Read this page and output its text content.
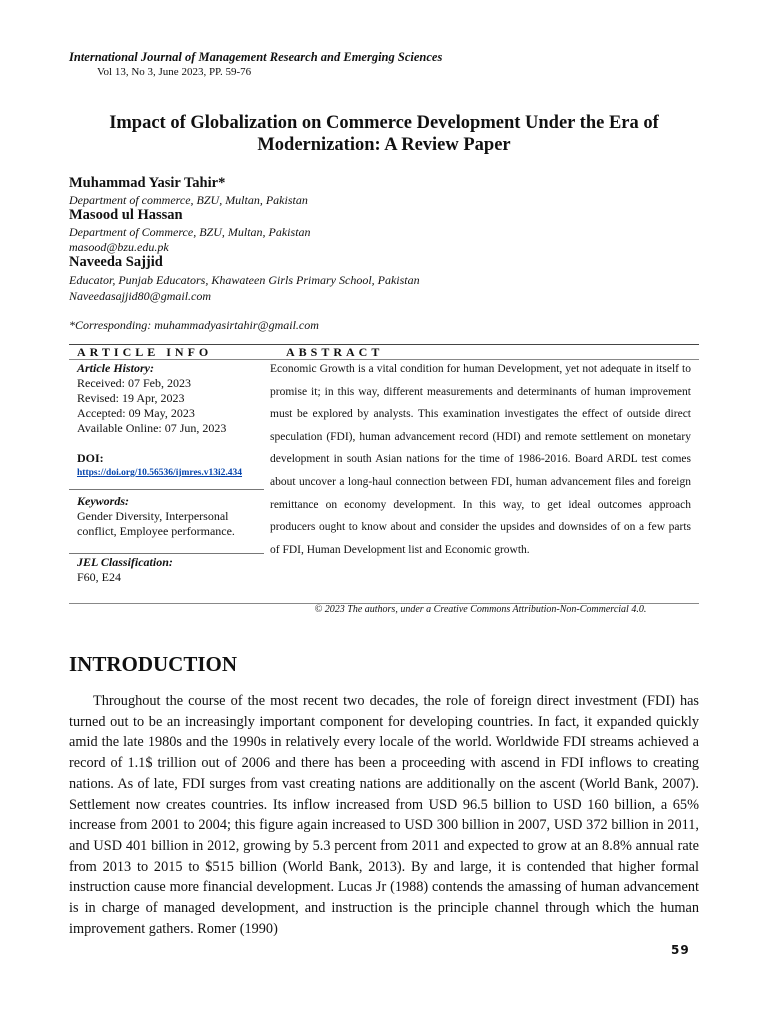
International Journal of Management Research and Emerging Sciences
Vol 13, No 3, June 2023, PP. 59-76
Impact of Globalization on Commerce Development Under the Era of
Modernization: A Review Paper
Muhammad Yasir Tahir*
Department of commerce, BZU, Multan, Pakistan
Masood ul Hassan
Department of Commerce, BZU, Multan, Pakistan
masood@bzu.edu.pk
Naveeda Sajjid
Educator, Punjab Educators, Khawateen Girls Primary School, Pakistan
Naveedasajjid80@gmail.com
*Corresponding: muhammadyasirtahir@gmail.com
ARTICLE INFO	ABSTRACT
Article History:
Received: 07 Feb, 2023
Revised: 19 Apr, 2023
Accepted: 09 May, 2023
Available Online: 07 Jun, 2023
DOI:
https://doi.org/10.56536/ijmres.v13i2.434
Keywords:
Gender Diversity, Interpersonal conflict, Employee performance.
JEL Classification:
F60, E24
Economic Growth is a vital condition for human Development, yet not adequate in itself to promise it; in this way, different measurements and determinants of human improvement must be explored by analysts. This examination investigates the effect of outside direct speculation (FDI), human advancement record (HDI) and remote settlement on monetary development in south Asian nations for the time of 1986-2016. Board ARDL test comes about uncover a long-haul connection between FDI, human advancement files and foreign remittance on economy development. In this way, to get ideal outcomes approach producers ought to know about and consider the upsides and downsides of on a few parts of FDI, Human Development list and Economic growth.
© 2023 The authors, under a Creative Commons Attribution-Non-Commercial 4.0.
INTRODUCTION
Throughout the course of the most recent two decades, the role of foreign direct investment (FDI) has turned out to be an increasingly important component for developing countries. In fact, it expanded quickly amid the late 1980s and the 1990s in relatively every locale of the world. Worldwide FDI streams achieved a record of 1.1$ trillion out of 2006 and there has been a proceeding with ascend in FDI inflows to creating nations. As of late, FDI surges from vast creating nations are additionally on the ascent (World Bank, 2007). Settlement now creates countries. Its inflow increased from USD 96.5 billion to USD 160 billion, a 65% increase from 2001 to 2004; this figure again increased to USD 300 billion in 2007, USD 372 billion in 2011, and USD 401 billion in 2012, growing by 5.3 percent from 2011 and expected to grow at an 8.8% annual rate from 2013 to 2015 to $515 billion (World Bank, 2013). By and large, it is contended that higher formal instruction cause more financial development. Lucas Jr (1988) contends the amassing of human advancement is in charge of managed development, and instruction is the principle channel through which the human improvement gathers. Romer (1990)
59
